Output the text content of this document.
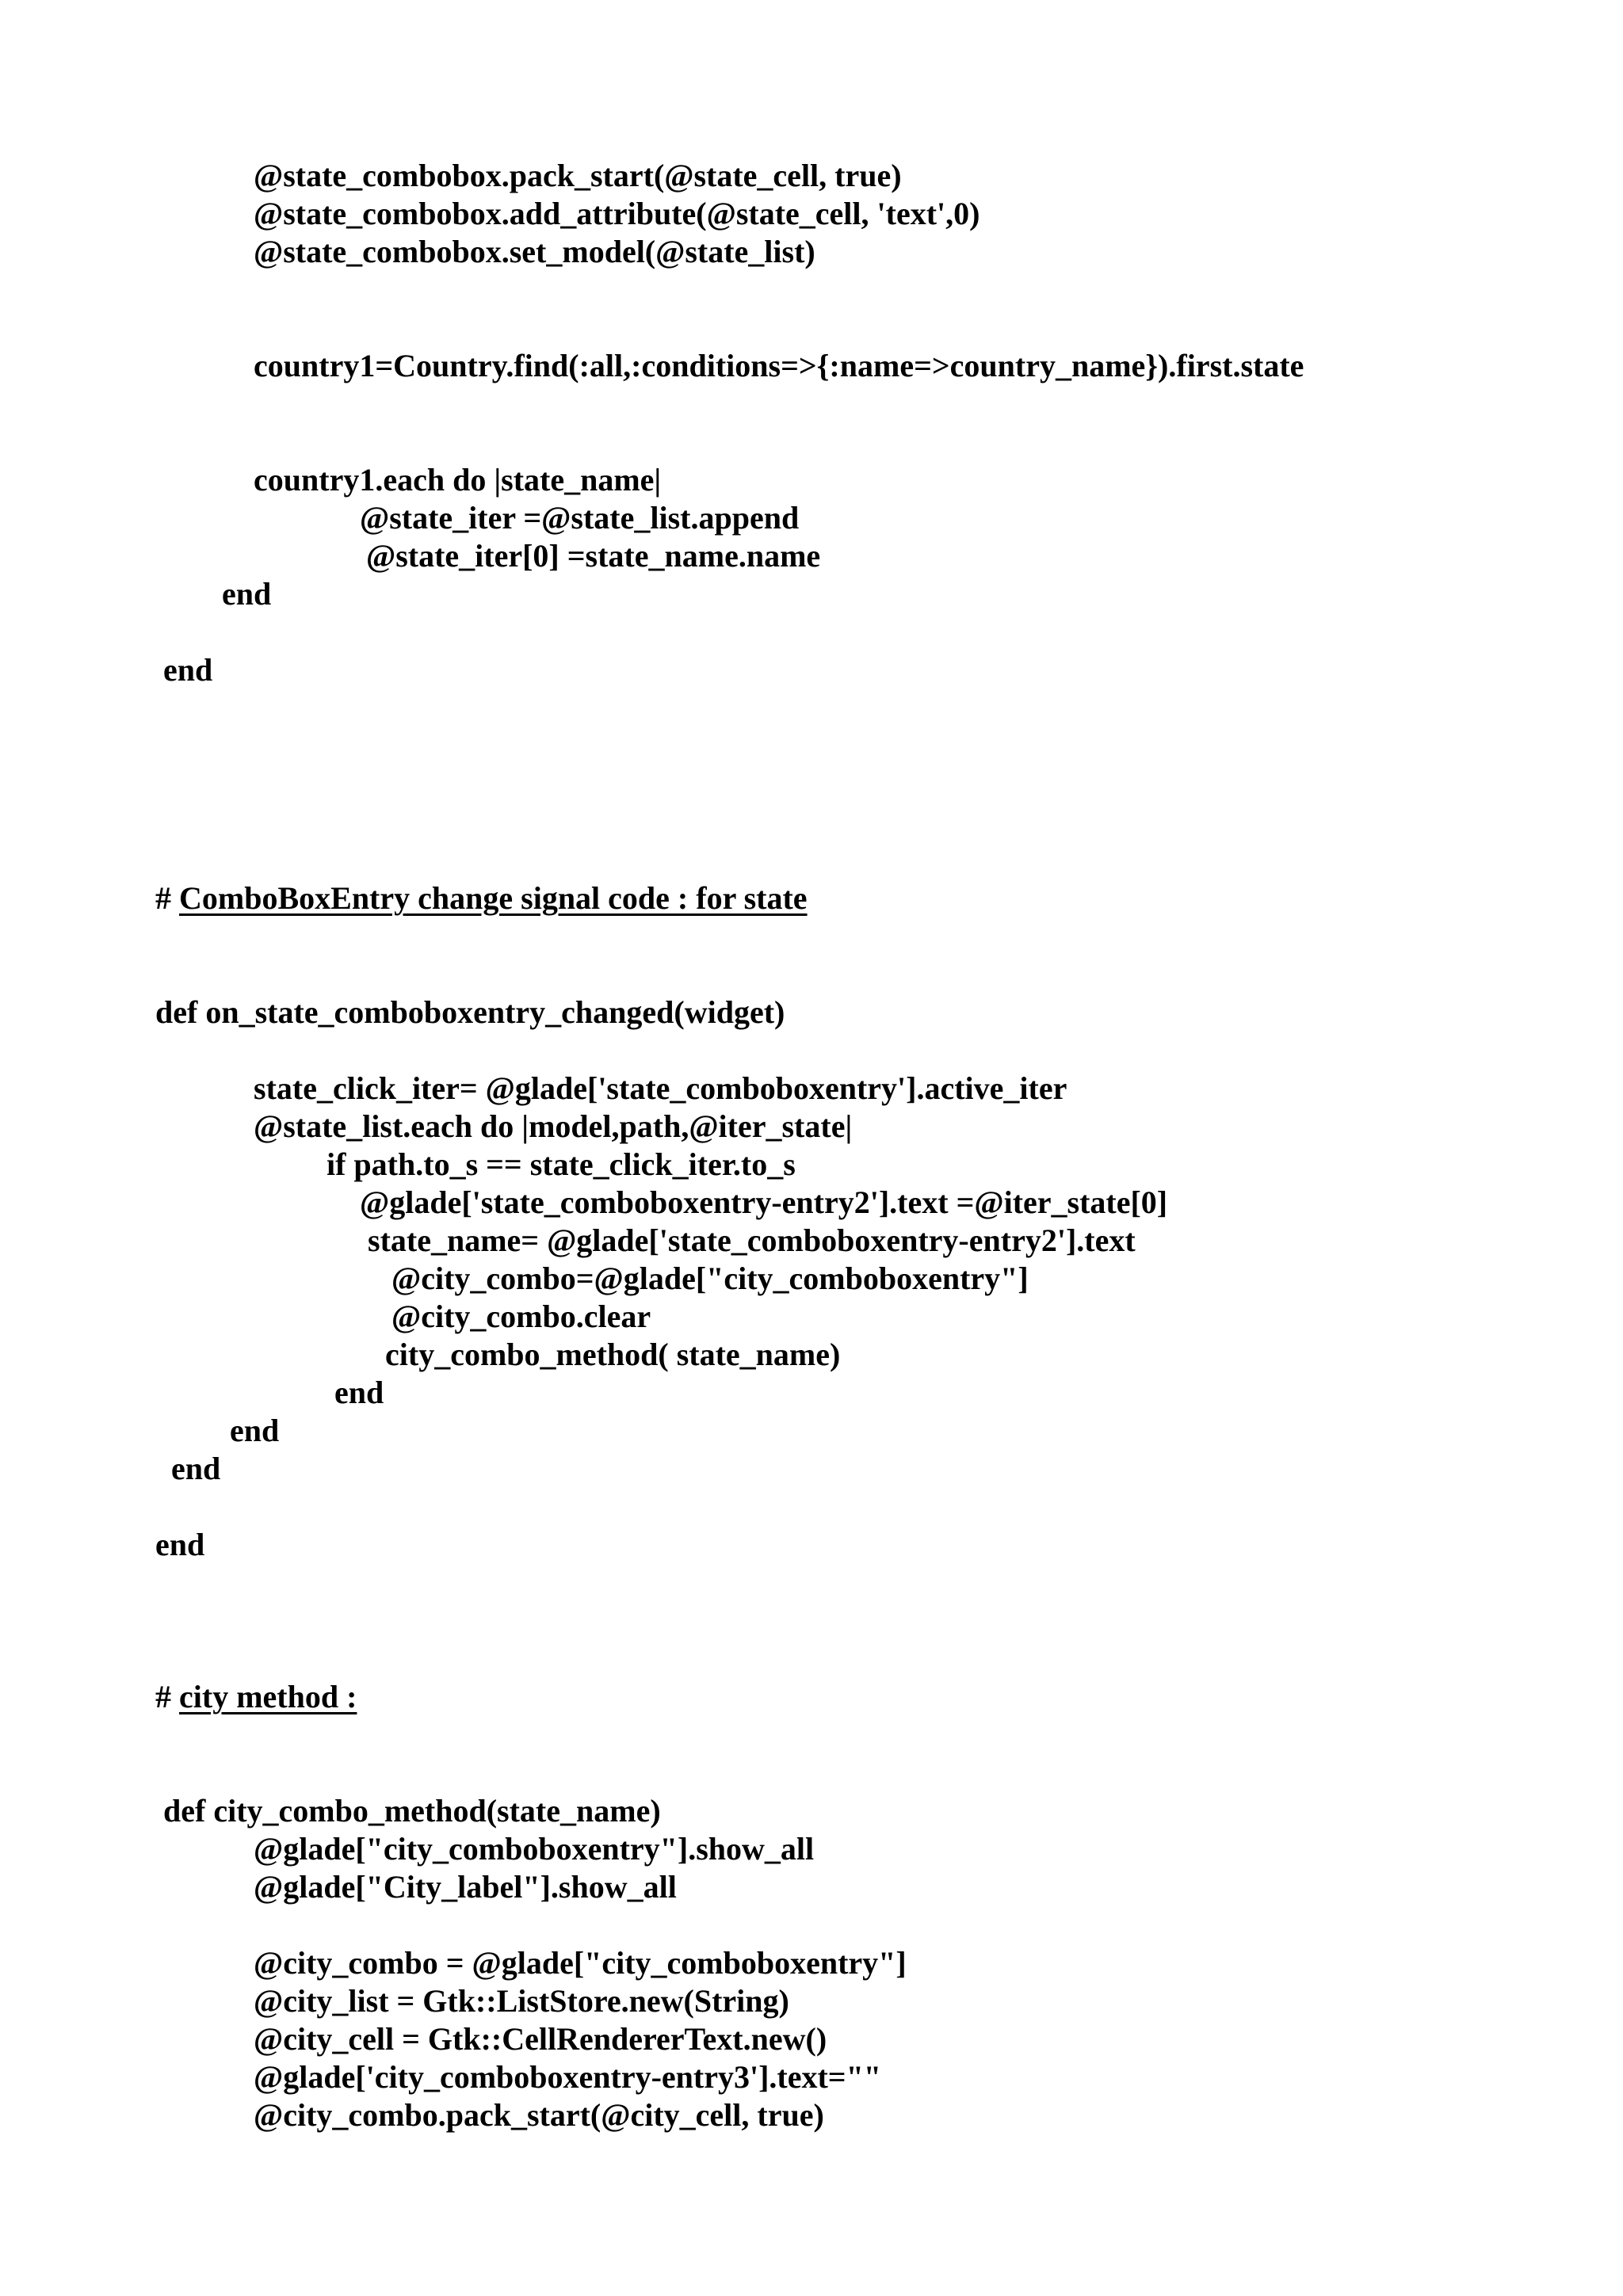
@state_combobox.pack_start(@state_cell, true)
@state_combobox.add_attribute(@state_cell, 'text',0)
@state_combobox.set_model(@state_list)
country1=Country.find(:all,:conditions=>{:name=>country_name}).first.state
country1.each do |state_name|
@state_iter =@state_list.append
@state_iter[0] =state_name.name
end
end
# ComboBoxEntry change signal code : for state
def on_state_comboboxentry_changed(widget)
state_click_iter= @glade['state_comboboxentry'].active_iter
@state_list.each do |model,path,@iter_state|
if path.to_s == state_click_iter.to_s
@glade['state_comboboxentry-entry2'].text =@iter_state[0]
state_name= @glade['state_comboboxentry-entry2'].text
@city_combo=@glade["city_comboboxentry"]
@city_combo.clear
city_combo_method( state_name)
end
end
end
end
# city method :
def city_combo_method(state_name)
@glade["city_comboboxentry"].show_all
@glade["City_label"].show_all
@city_combo = @glade["city_comboboxentry"]
@city_list = Gtk::ListStore.new(String)
@city_cell = Gtk::CellRendererText.new()
@glade['city_comboboxentry-entry3'].text=""
@city_combo.pack_start(@city_cell, true)
